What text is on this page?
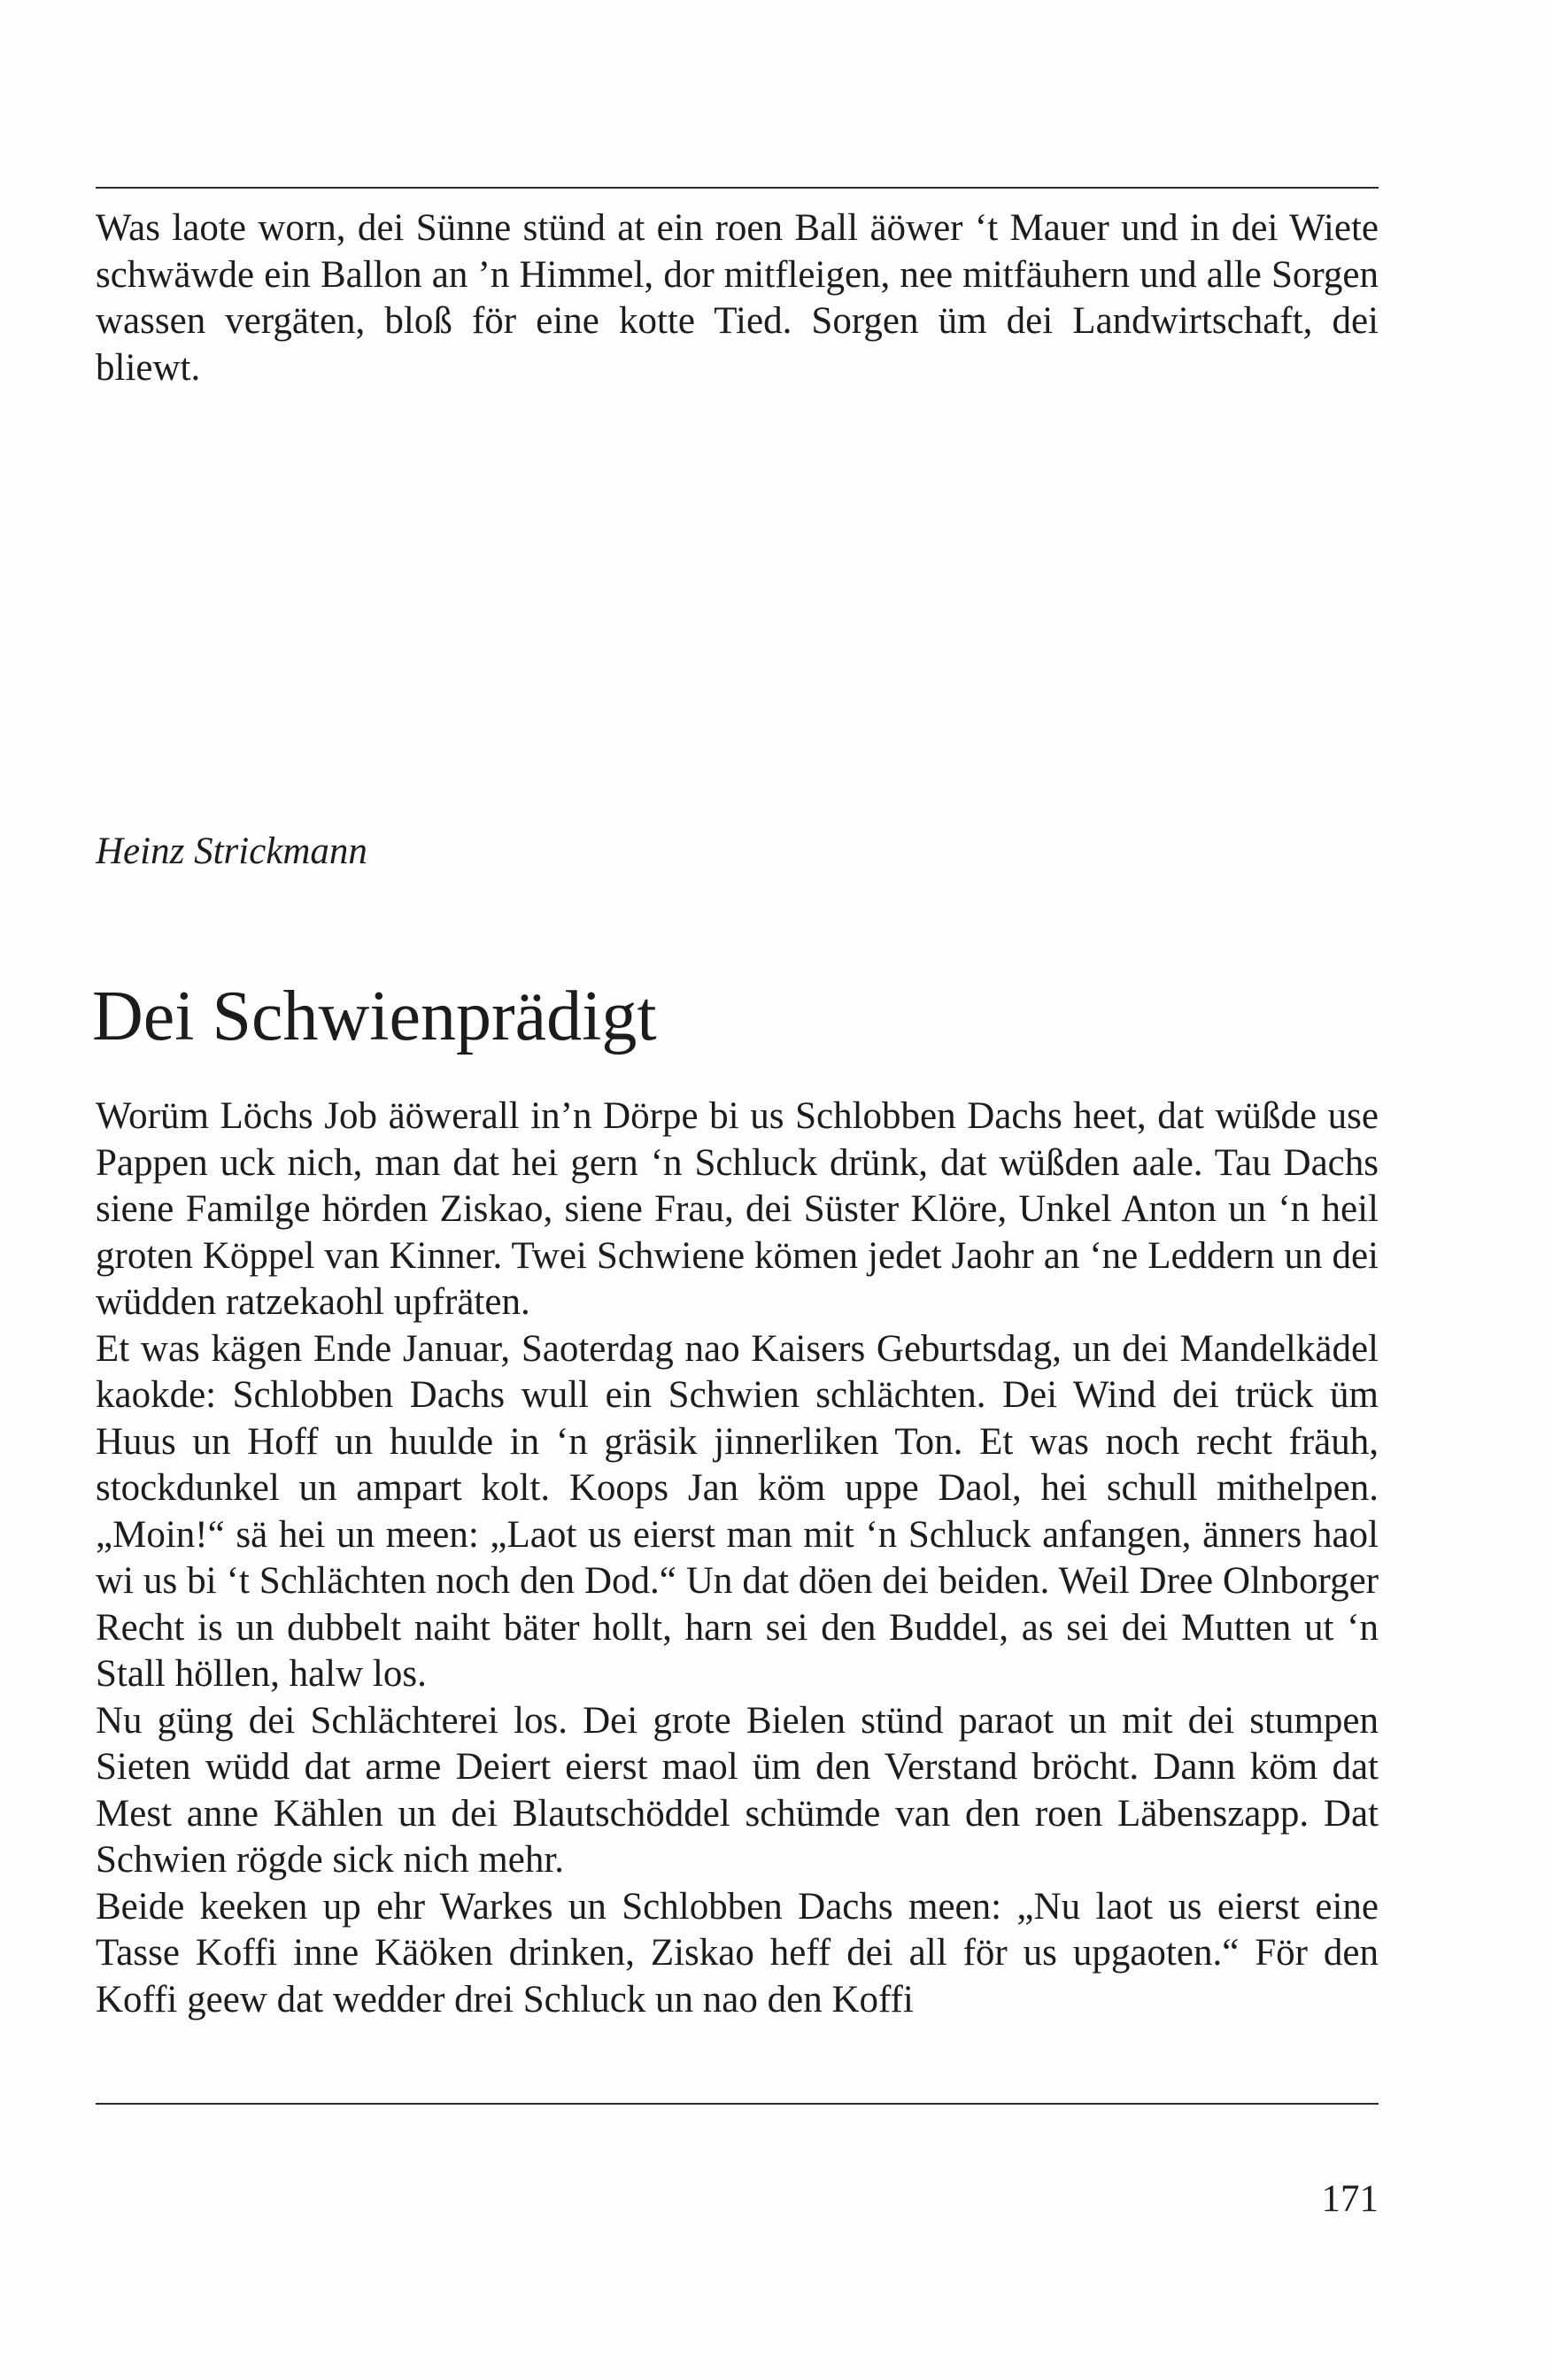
Was laote worn, dei Sünne stünd at ein roen Ball äöwer ‘t Mauer und in dei Wiete schwäwde ein Ballon an ’n Himmel, dor mitfleigen, nee mitfäuhern und alle Sorgen wassen vergäten, bloß för eine kotte Tied. Sorgen üm dei Landwirtschaft, dei bliewt.

Heinz Strickmann

Dei Schwienprädigt

Worüm Löchs Job äöwerall in’n Dörpe bi us Schlobben Dachs heet, dat wüßde use Pappen uck nich, man dat hei gern ‘n Schluck drünk, dat wüßden aale. Tau Dachs siene Familge hörden Ziskao, siene Frau, dei Süster Klöre, Unkel Anton un ‘n heil groten Köppel van Kinner. Twei Schwiene kömen jedet Jaohr an ‘ne Leddern un dei wüdden ratzekaohl upfräten.

Et was kägen Ende Januar, Saoterdag nao Kaisers Geburtsdag, un dei Mandelkädel kaokde: Schlobben Dachs wull ein Schwien schlächten. Dei Wind dei trück üm Huus un Hoff un huulde in ‘n gräsik jinnerliken Ton. Et was noch recht fräuh, stockdunkel un ampart kolt. Koops Jan köm uppe Daol, hei schull mithelpen. „Moin!“ sä hei un meen: „Laot us eierst man mit ‘n Schluck anfangen, änners haol wi us bi ‘t Schlächten noch den Dod.“ Un dat döen dei beiden. Weil Dree Olnborger Recht is un dubbelt naiht bäter hollt, harn sei den Buddel, as sei dei Mutten ut ‘n Stall höllen, halw los.

Nu güng dei Schlächterei los. Dei grote Bielen stünd paraot un mit dei stumpen Sieten wüdd dat arme Deiert eierst maol üm den Verstand bröcht. Dann köm dat Mest anne Kählen un dei Blautschöddel schümde van den roen Läbenszapp. Dat Schwien rögde sick nich mehr.

Beide keeken up ehr Warkes un Schlobben Dachs meen: „Nu laot us eierst eine Tasse Koffi inne Käöken drinken, Ziskao heff dei all för us upgaoten.“ För den Koffi geew dat wedder drei Schluck un nao den Koffi

171
